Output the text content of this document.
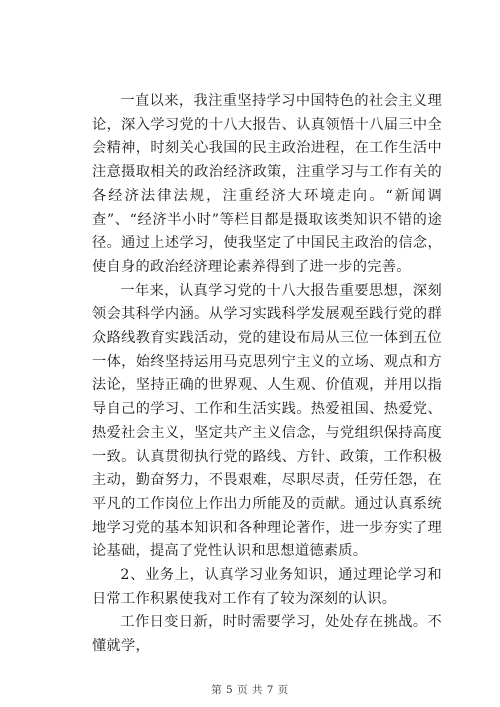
一直以来，我注重坚持学习中国特色的社会主义理论，深入学习党的十八大报告、认真领悟十八届三中全会精神，时刻关心我国的民主政治进程，在工作生活中注意摄取相关的政治经济政策，注重学习与工作有关的各经济法律法规，注重经济大环境走向。“新闻调查”、“经济半小时”等栏目都是摄取该类知识不错的途径。通过上述学习，使我坚定了中国民主政治的信念，使自身的政治经济理论素养得到了进一步的完善。

一年来，认真学习党的十八大报告重要思想，深刻领会其科学内涵。从学习实践科学发展观至践行党的群众路线教育实践活动，党的建设布局从三位一体到五位一体，始终坚持运用马克思列宁主义的立场、观点和方法论，坚持正确的世界观、人生观、价值观，并用以指导自己的学习、工作和生活实践。热爱祖国、热爱党、热爱社会主义，坚定共产主义信念，与党组织保持高度一致。认真贯彻执行党的路线、方针、政策，工作积极主动，勤奋努力，不畏艰难，尽职尽责，任劳任怨，在平凡的工作岗位上作出力所能及的贡献。通过认真系统地学习党的基本知识和各种理论著作，进一步夯实了理论基础，提高了党性认识和思想道德素质。

2、业务上，认真学习业务知识，通过理论学习和日常工作积累使我对工作有了较为深刻的认识。

工作日变日新，时时需要学习，处处存在挑战。不懂就学，

第 5 页 共 7 页
